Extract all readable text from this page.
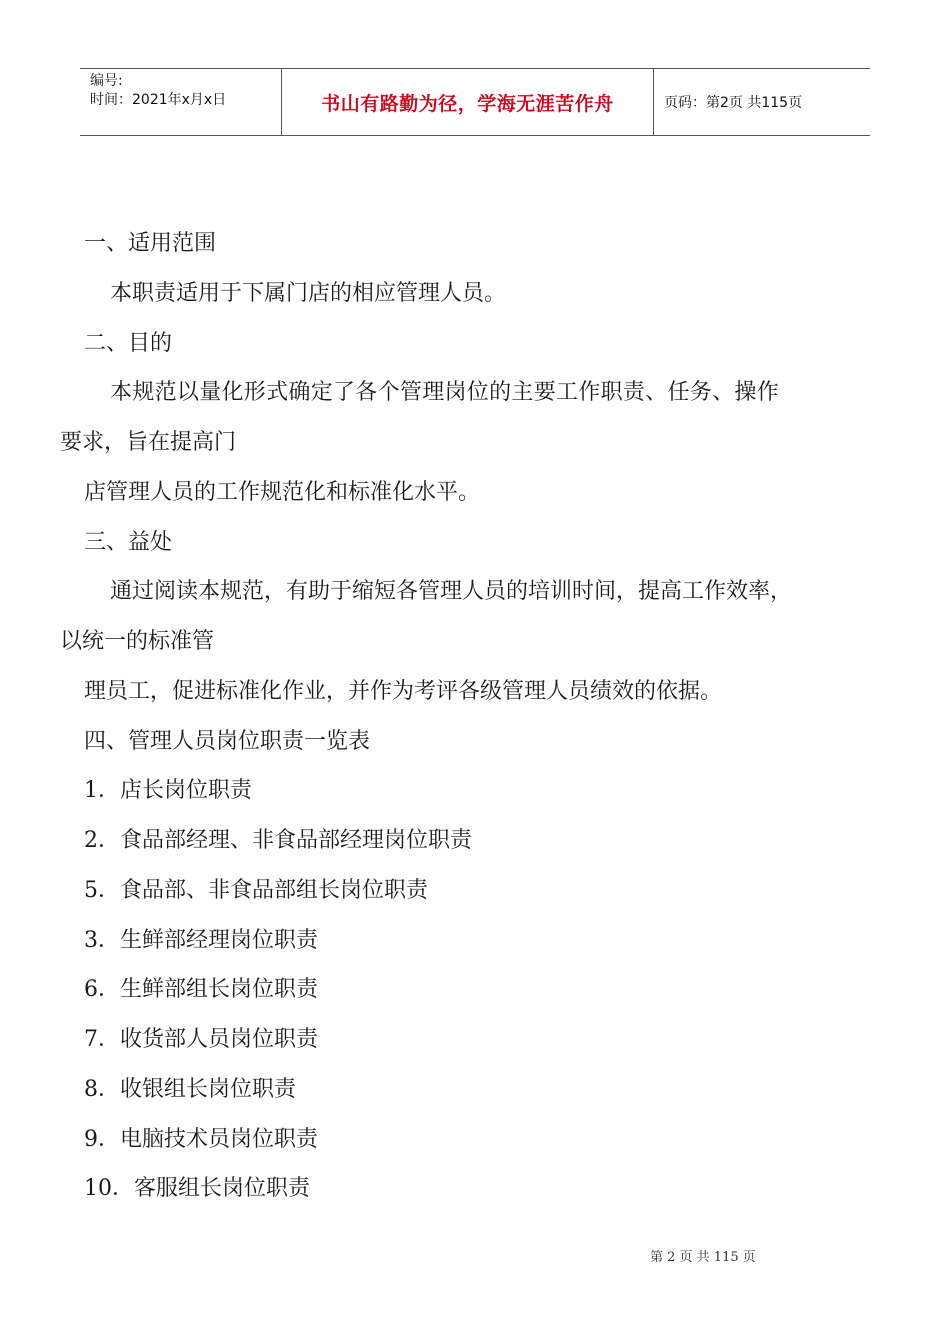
编号:
时间：2021年x月x日	书山有路勤为径，学海无涯苦作舟	页码：第2页 共115页
一、适用范围
本职责适用于下属门店的相应管理人员。
二、目的
本规范以量化形式确定了各个管理岗位的主要工作职责、任务、操作
要求，旨在提高门
店管理人员的工作规范化和标准化水平。
三、益处
通过阅读本规范，有助于缩短各管理人员的培训时间，提高工作效率，
以统一的标准管
理员工，促进标准化作业，并作为考评各级管理人员绩效的依据。
四、管理人员岗位职责一览表
1．店长岗位职责
2．食品部经理、非食品部经理岗位职责
5．食品部、非食品部组长岗位职责
3．生鲜部经理岗位职责
6．生鲜部组长岗位职责
7．收货部人员岗位职责
8．收银组长岗位职责
9．电脑技术员岗位职责
10．客服组长岗位职责
第 2 页 共 115 页
